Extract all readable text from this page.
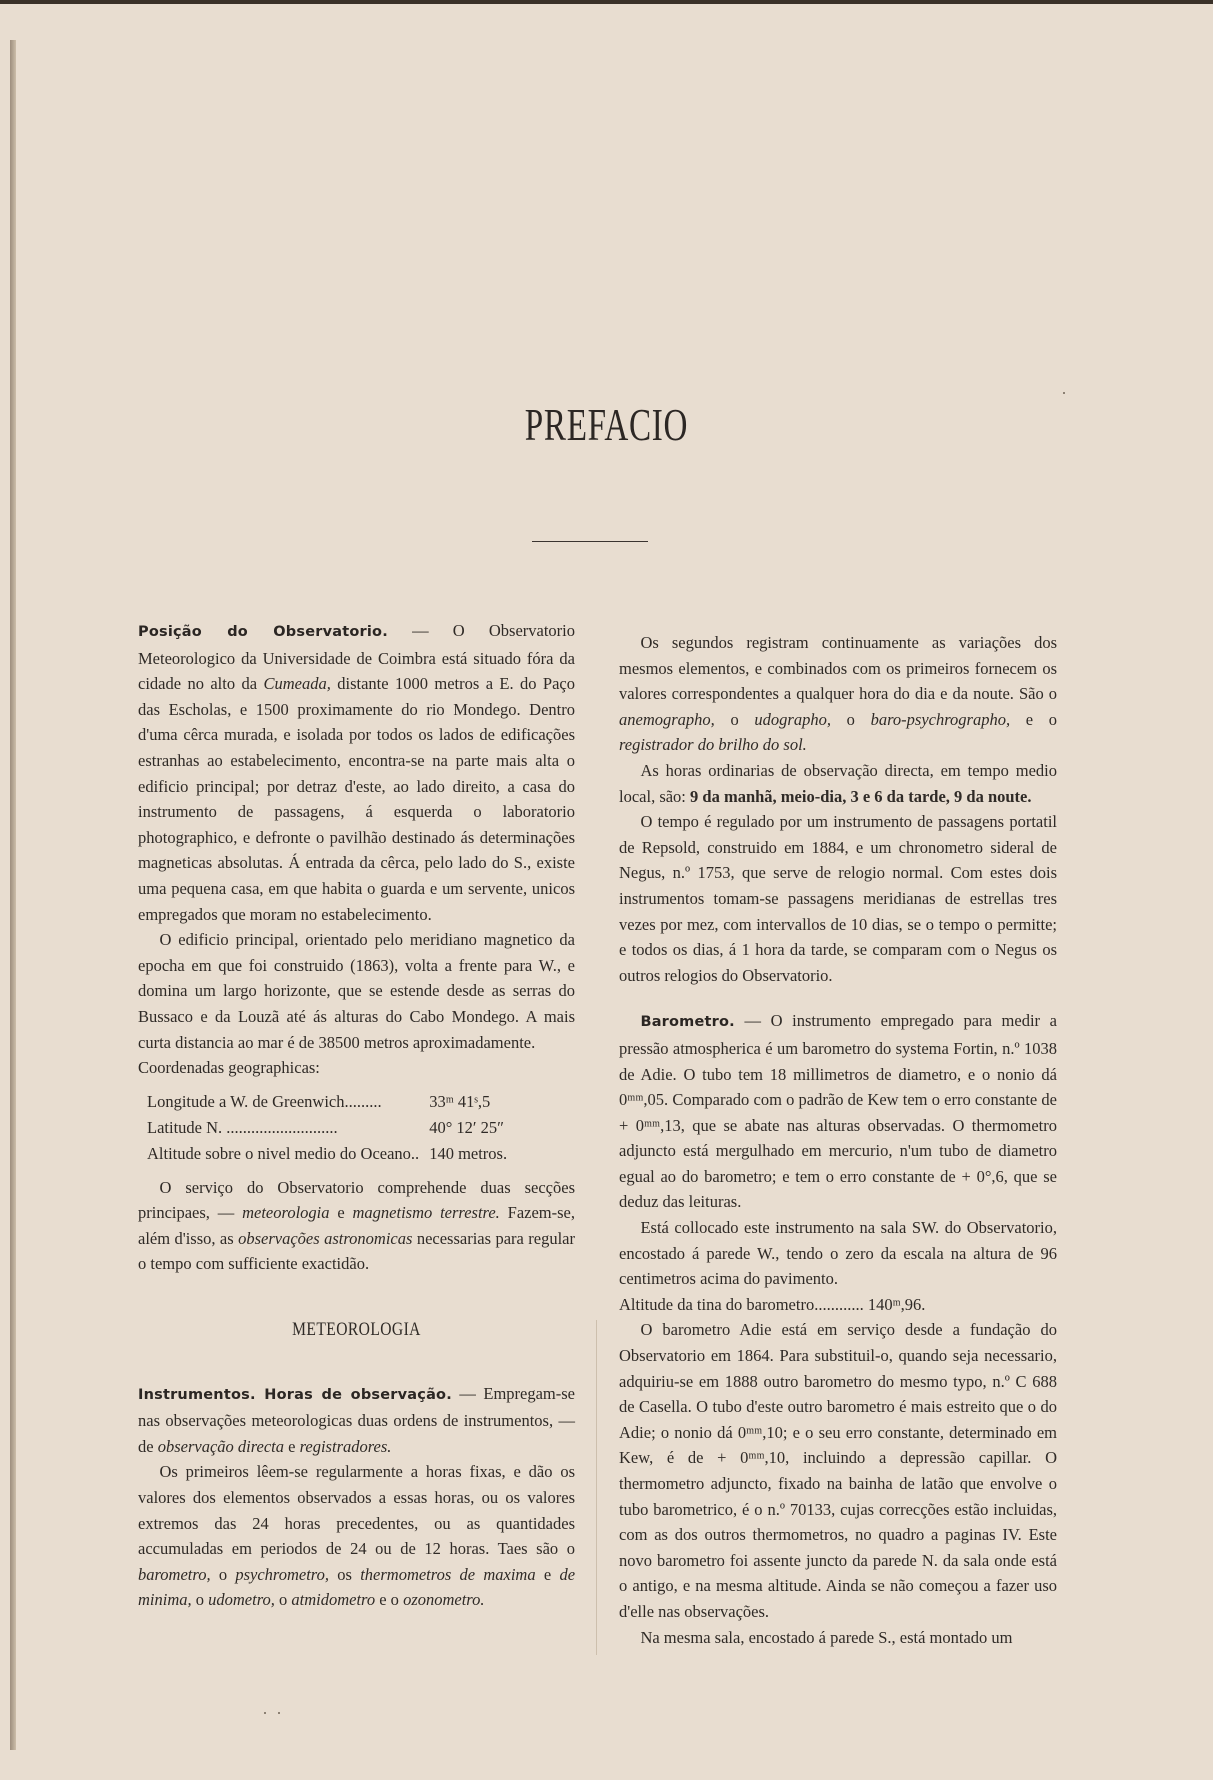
PREFACIO

Posição do Observatorio. — O Observatorio Meteorologico da Universidade de Coimbra está situado fóra da cidade no alto da Cumeada, distante 1000 metros a E. do Paço das Escholas, e 1500 proximamente do rio Mondego. Dentro d'uma cêrca murada, e isolada por todos os lados de edificações estranhas ao estabelecimento, encontra-se na parte mais alta o edificio principal; por detraz d'este, ao lado direito, a casa do instrumento de passagens, á esquerda o laboratorio photographico, e defronte o pavilhão destinado ás determinações magneticas absolutas. Á entrada da cêrca, pelo lado do S., existe uma pequena casa, em que habita o guarda e um servente, unicos empregados que moram no estabelecimento.

O edificio principal, orientado pelo meridiano magnetico da epocha em que foi construido (1863), volta a frente para W., e domina um largo horizonte, que se estende desde as serras do Bussaco e da Louzã até ás alturas do Cabo Mondego. A mais curta distancia ao mar é de 38500 metros aproximadamente.

Coordenadas geographicas:

Longitude a W. de Greenwich.........	33ᵐ 41ˢ,5
Latitude N. ...........................	40° 12′ 25″
Altitude sobre o nivel medio do Oceano..	140 metros.

O serviço do Observatorio comprehende duas secções principaes, — meteorologia e magnetismo terrestre. Fazem-se, além d'isso, as observações astronomicas necessarias para regular o tempo com sufficiente exactidão.

METEOROLOGIA

Instrumentos. Horas de observação. — Empregam-se nas observações meteorologicas duas ordens de instrumentos, — de observação directa e registradores.

Os primeiros lêem-se regularmente a horas fixas, e dão os valores dos elementos observados a essas horas, ou os valores extremos das 24 horas precedentes, ou as quantidades accumuladas em periodos de 24 ou de 12 horas. Taes são o barometro, o psychrometro, os thermometros de maxima e de minima, o udometro, o atmidometro e o ozonometro.

Os segundos registram continuamente as variações dos mesmos elementos, e combinados com os primeiros fornecem os valores correspondentes a qualquer hora do dia e da noute. São o anemographo, o udographo, o baro-psychrographo, e o registrador do brilho do sol.

As horas ordinarias de observação directa, em tempo medio local, são: 9 da manhã, meio-dia, 3 e 6 da tarde, 9 da noute.

O tempo é regulado por um instrumento de passagens portatil de Repsold, construido em 1884, e um chronometro sideral de Negus, n.º 1753, que serve de relogio normal. Com estes dois instrumentos tomam-se passagens meridianas de estrellas tres vezes por mez, com intervallos de 10 dias, se o tempo o permitte; e todos os dias, á 1 hora da tarde, se comparam com o Negus os outros relogios do Observatorio.

Barometro. — O instrumento empregado para medir a pressão atmospherica é um barometro do systema Fortin, n.º 1038 de Adie. O tubo tem 18 millimetros de diametro, e o nonio dá 0ᵐᵐ,05. Comparado com o padrão de Kew tem o erro constante de + 0ᵐᵐ,13, que se abate nas alturas observadas. O thermometro adjuncto está mergulhado em mercurio, n'um tubo de diametro egual ao do barometro; e tem o erro constante de + 0°,6, que se deduz das leituras.

Está collocado este instrumento na sala SW. do Observatorio, encostado á parede W., tendo o zero da escala na altura de 96 centimetros acima do pavimento.

Altitude da tina do barometro............ 140ᵐ,96.

O barometro Adie está em serviço desde a fundação do Observatorio em 1864. Para substituil-o, quando seja necessario, adquiriu-se em 1888 outro barometro do mesmo typo, n.º C 688 de Casella. O tubo d'este outro barometro é mais estreito que o do Adie; o nonio dá 0ᵐᵐ,10; e o seu erro constante, determinado em Kew, é de + 0ᵐᵐ,10, incluindo a depressão capillar. O thermometro adjuncto, fixado na bainha de latão que envolve o tubo barometrico, é o n.º 70133, cujas correcções estão incluidas, com as dos outros thermometros, no quadro a paginas IV. Este novo barometro foi assente juncto da parede N. da sala onde está o antigo, e na mesma altitude. Ainda se não começou a fazer uso d'elle nas observações.

Na mesma sala, encostado á parede S., está montado um
